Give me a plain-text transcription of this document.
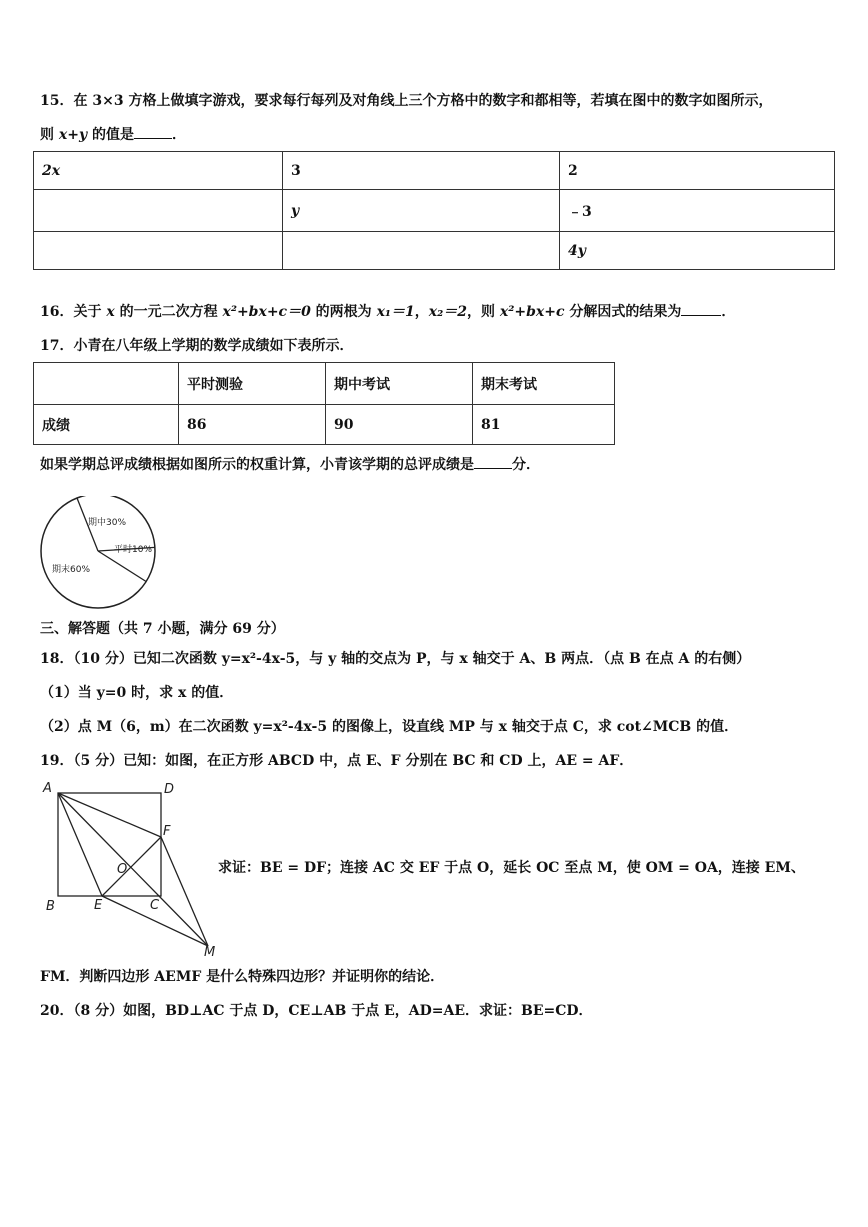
15．在 3×3 方格上做填字游戏，要求每行每列及对角线上三个方格中的数字和都相等，若填在图中的数字如图所示，
则 x+y 的值是	．
2x	3	2
	y	﹣3
		4y
16．关于 x 的一元二次方程 x²+bx+c＝0 的两根为 x₁＝1，x₂＝2，则 x²+bx+c 分解因式的结果为	．
17．小青在八年级上学期的数学成绩如下表所示．
	平时测验	期中考试	期末考试
成绩	86	90	81
如果学期总评成绩根据如图所示的权重计算，小青该学期的总评成绩是	分．
期中30%
平时10%
期末60%
三、解答题（共 7 小题，满分 69 分）
18．（10 分）已知二次函数 y=x²-4x-5，与 y 轴的交点为 P，与 x 轴交于 A、B 两点．（点 B 在点 A 的右侧）
（1）当 y=0 时，求 x 的值．
（2）点 M（6，m）在二次函数 y=x²-4x-5 的图像上，设直线 MP 与 x 轴交于点 C，求 cot∠MCB 的值．
19．（5 分）已知：如图，在正方形 ABCD 中，点 E、F 分别在 BC 和 CD 上，AE = AF．
A	D
F
O
B	E	C
M
求证：BE = DF；连接 AC 交 EF 于点 O，延长 OC 至点 M，使 OM = OA，连接 EM、
FM．判断四边形 AEMF 是什么特殊四边形？并证明你的结论．
20．（8 分）如图，BD⊥AC 于点 D，CE⊥AB 于点 E，AD=AE．求证：BE=CD．
